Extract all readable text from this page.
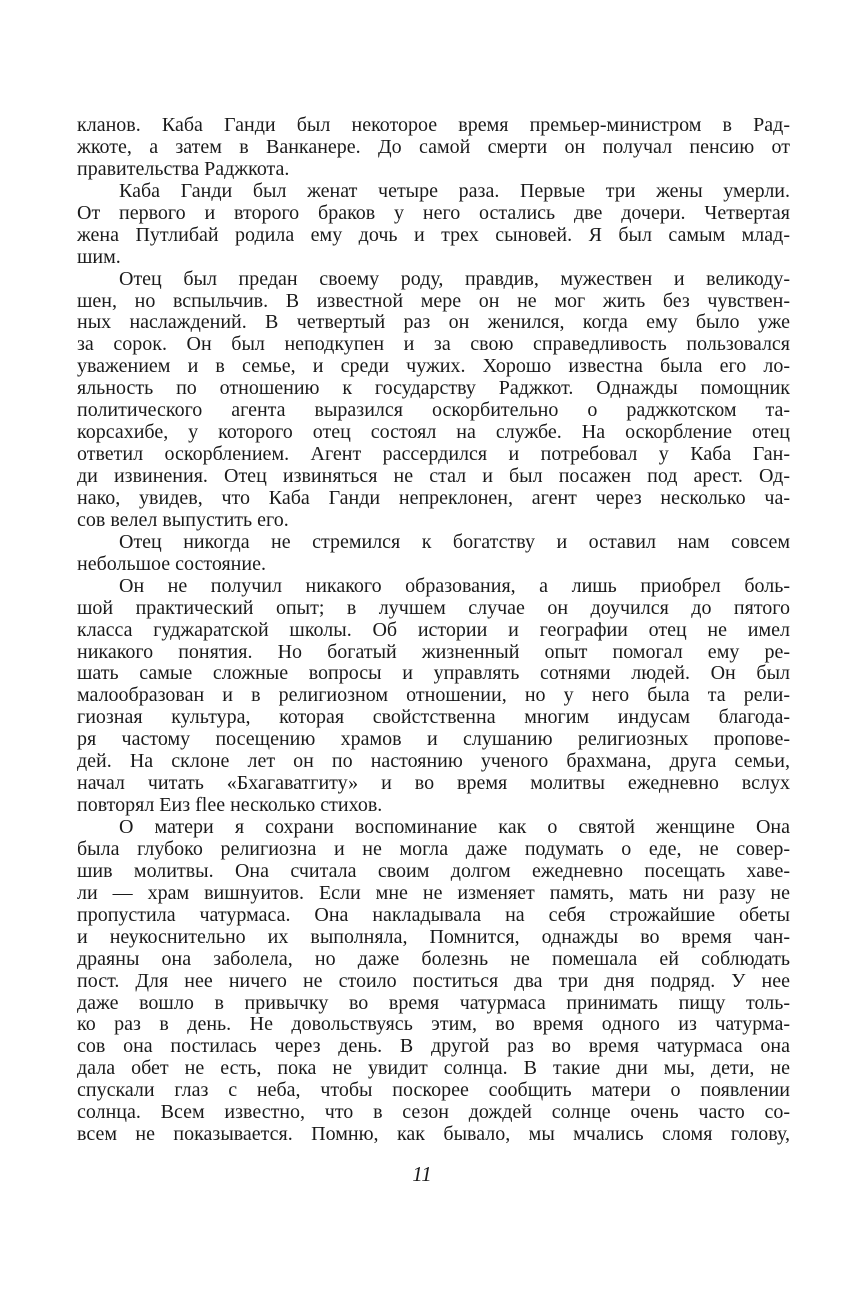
кланов. Каба Ганди был некоторое время премьер-министром в Рад-
жкоте, а затем в Ванканере. До самой смерти он получал пенсию от
правительства Раджкота.
Каба Ганди был женат четыре раза. Первые три жены умерли.
От первого и второго браков у него остались две дочери. Четвертая
жена Путлибай родила ему дочь и трех сыновей. Я был самым млад-
шим.
Отец был предан своему роду, правдив, мужествен и великоду-
шен, но вспыльчив. В известной мере он не мог жить без чувствен-
ных наслаждений. В четвертый раз он женился, когда ему было уже
за сорок. Он был неподкупен и за свою справедливость пользовался
уважением и в семье, и среди чужих. Хорошо известна была его ло-
яльность по отношению к государству Раджкот. Однажды помощник
политического агента выразился оскорбительно о раджкотском та-
корсахибе, у которого отец состоял на службе. На оскорбление отец
ответил оскорблением. Агент рассердился и потребовал у Каба Ган-
ди извинения. Отец извиняться не стал и был посажен под арест. Од-
нако, увидев, что Каба Ганди непреклонен, агент через несколько ча-
сов велел выпустить его.
Отец никогда не стремился к богатству и оставил нам совсем
небольшое состояние.
Он не получил никакого образования, а лишь приобрел боль-
шой практический опыт; в лучшем случае он доучился до пятого
класса гуджаратской школы. Об истории и географии отец не имел
никакого понятия. Но богатый жизненный опыт помогал ему ре-
шать самые сложные вопросы и управлять сотнями людей. Он был
малообразован и в религиозном отношении, но у него была та рели-
гиозная культура, которая свойстственна многим индусам благода-
ря частому посещению храмов и слушанию религиозных пропове-
дей. На склоне лет он по настоянию ученого брахмана, друга семьи,
начал читать «Бхагаватгиту» и во время молитвы ежедневно вслух
повторял Еиз flee несколько стихов.
О матери я сохрани воспоминание как о святой женщине Она
была глубоко религиозна и не могла даже подумать о еде, не совер-
шив молитвы. Она считала своим долгом ежедневно посещать хаве-
ли — храм вишнуитов. Если мне не изменяет память, мать ни разу не
пропустила чатурмаса. Она накладывала на себя строжайшие обеты
и неукоснительно их выполняла, Помнится, однажды во время чан-
драяны она заболела, но даже болезнь не помешала ей соблюдать
пост. Для нее ничего не стоило поститься два три дня подряд. У нее
даже вошло в привычку во время чатурмаса принимать пищу толь-
ко раз в день. Не довольствуясь этим, во время одного из чатурма-
сов она постилась через день. В другой раз во время чатурмаса она
дала обет не есть, пока не увидит солнца. В такие дни мы, дети, не
спускали глаз с неба, чтобы поскорее сообщить матери о появлении
солнца. Всем известно, что в сезон дождей солнце очень часто со-
всем не показывается. Помню, как бывало, мы мчались сломя голову,
11
